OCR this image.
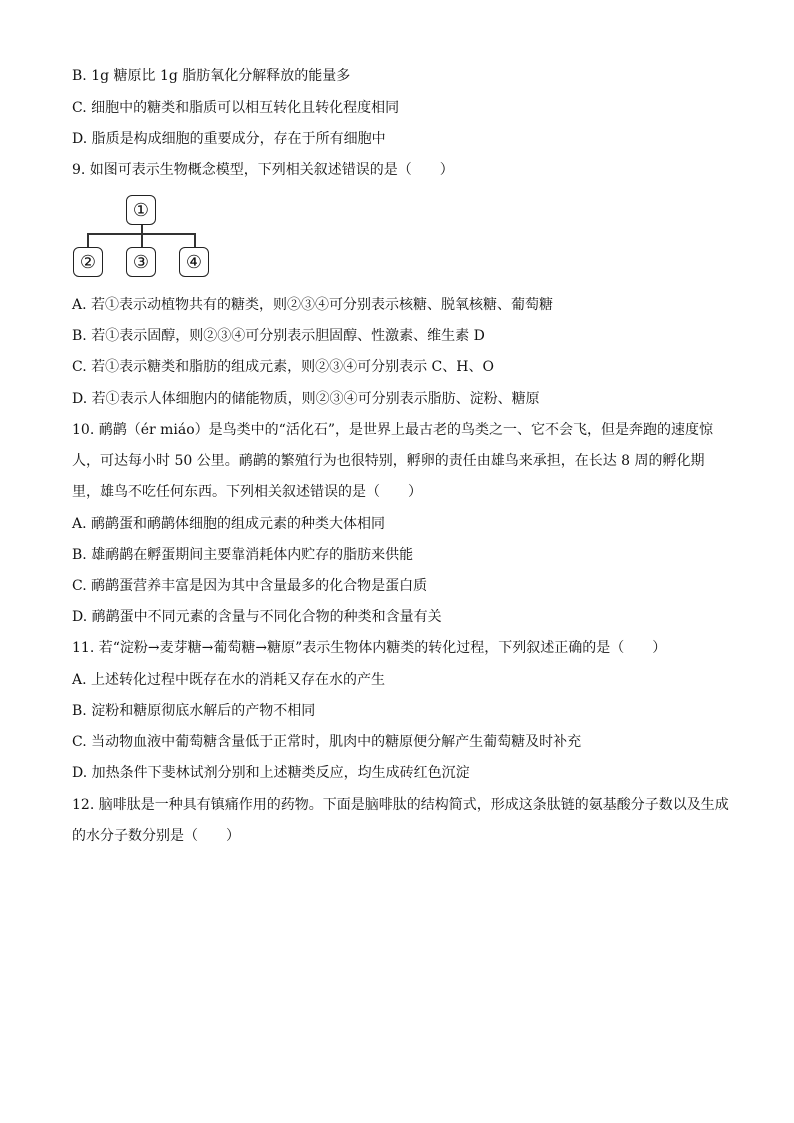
B. 1g 糖原比 1g 脂肪氧化分解释放的能量多
C. 细胞中的糖类和脂质可以相互转化且转化程度相同
D. 脂质是构成细胞的重要成分，存在于所有细胞中
9. 如图可表示生物概念模型，下列相关叙述错误的是（　　）
①
②	③	④
A. 若①表示动植物共有的糖类，则②③④可分别表示核糖、脱氧核糖、葡萄糖
B. 若①表示固醇，则②③④可分别表示胆固醇、性激素、维生素 D
C. 若①表示糖类和脂肪的组成元素，则②③④可分别表示 C、H、O
D. 若①表示人体细胞内的储能物质，则②③④可分别表示脂肪、淀粉、糖原
10. 鸸鹋（ér miáo）是鸟类中的“活化石”，是世界上最古老的鸟类之一、它不会飞，但是奔跑的速度惊人，可达每小时 50 公里。鸸鹋的繁殖行为也很特别，孵卵的责任由雄鸟来承担，在长达 8 周的孵化期里，雄鸟不吃任何东西。下列相关叙述错误的是（　　）
A. 鸸鹋蛋和鸸鹋体细胞的组成元素的种类大体相同
B. 雄鸸鹋在孵蛋期间主要靠消耗体内贮存的脂肪来供能
C. 鸸鹋蛋营养丰富是因为其中含量最多的化合物是蛋白质
D. 鸸鹋蛋中不同元素的含量与不同化合物的种类和含量有关
11. 若“淀粉→麦芽糖→葡萄糖→糖原”表示生物体内糖类的转化过程，下列叙述正确的是（　　）
A. 上述转化过程中既存在水的消耗又存在水的产生
B. 淀粉和糖原彻底水解后的产物不相同
C. 当动物血液中葡萄糖含量低于正常时，肌肉中的糖原便分解产生葡萄糖及时补充
D. 加热条件下斐林试剂分别和上述糖类反应，均生成砖红色沉淀
12. 脑啡肽是一种具有镇痛作用的药物。下面是脑啡肽的结构简式，形成这条肽链的氨基酸分子数以及生成的水分子数分别是（　　）
